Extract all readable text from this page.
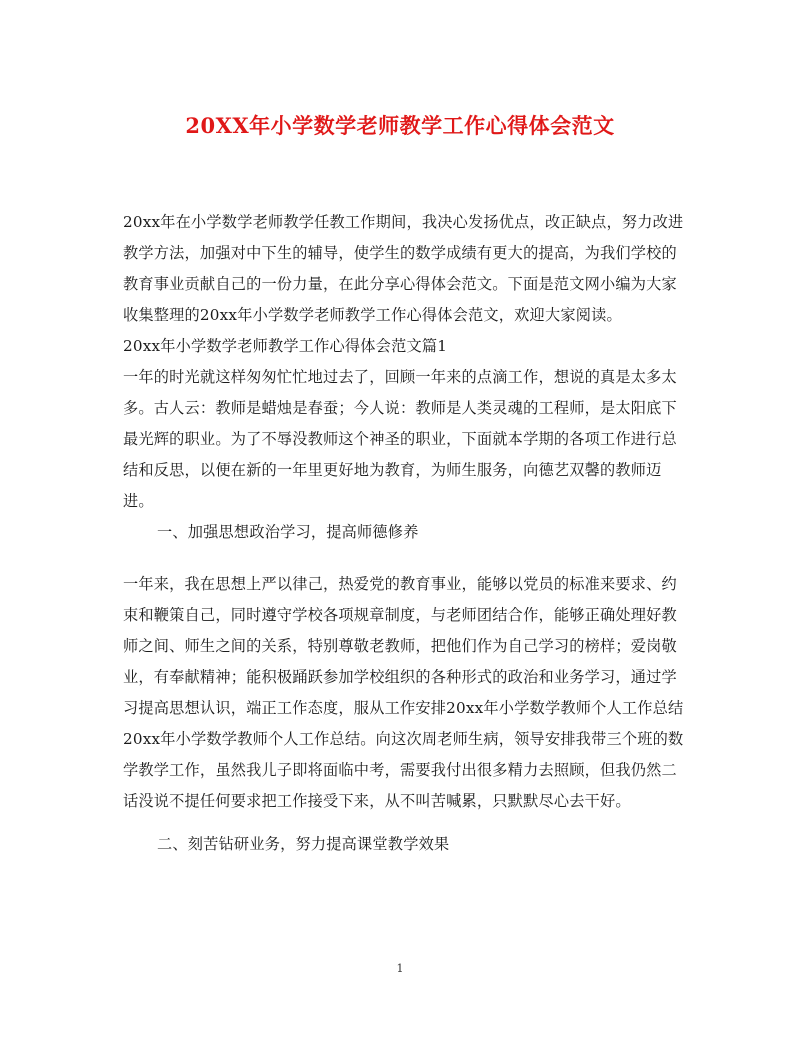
20XX年小学数学老师教学工作心得体会范文

20xx年在小学数学老师教学任教工作期间，我决心发扬优点，改正缺点，努力改进教学方法，加强对中下生的辅导，使学生的数学成绩有更大的提高，为我们学校的教育事业贡献自己的一份力量，在此分享心得体会范文。下面是范文网小编为大家收集整理的20xx年小学数学老师教学工作心得体会范文，欢迎大家阅读。

20xx年小学数学老师教学工作心得体会范文篇1

一年的时光就这样匆匆忙忙地过去了，回顾一年来的点滴工作，想说的真是太多太多。古人云：教师是蜡烛是春蚕；今人说：教师是人类灵魂的工程师，是太阳底下最光辉的职业。为了不辱没教师这个神圣的职业，下面就本学期的各项工作进行总结和反思，以便在新的一年里更好地为教育，为师生服务，向德艺双馨的教师迈进。

一、加强思想政治学习，提高师德修养

一年来，我在思想上严以律己，热爱党的教育事业，能够以党员的标准来要求、约束和鞭策自己，同时遵守学校各项规章制度，与老师团结合作，能够正确处理好教师之间、师生之间的关系，特别尊敬老教师，把他们作为自己学习的榜样；爱岗敬业，有奉献精神；能积极踊跃参加学校组织的各种形式的政治和业务学习，通过学习提高思想认识，端正工作态度，服从工作安排20xx年小学数学教师个人工作总结20xx年小学数学教师个人工作总结。向这次周老师生病，领导安排我带三个班的数学教学工作，虽然我儿子即将面临中考，需要我付出很多精力去照顾，但我仍然二话没说不提任何要求把工作接受下来，从不叫苦喊累，只默默尽心去干好。

二、刻苦钻研业务，努力提高课堂教学效果

1
